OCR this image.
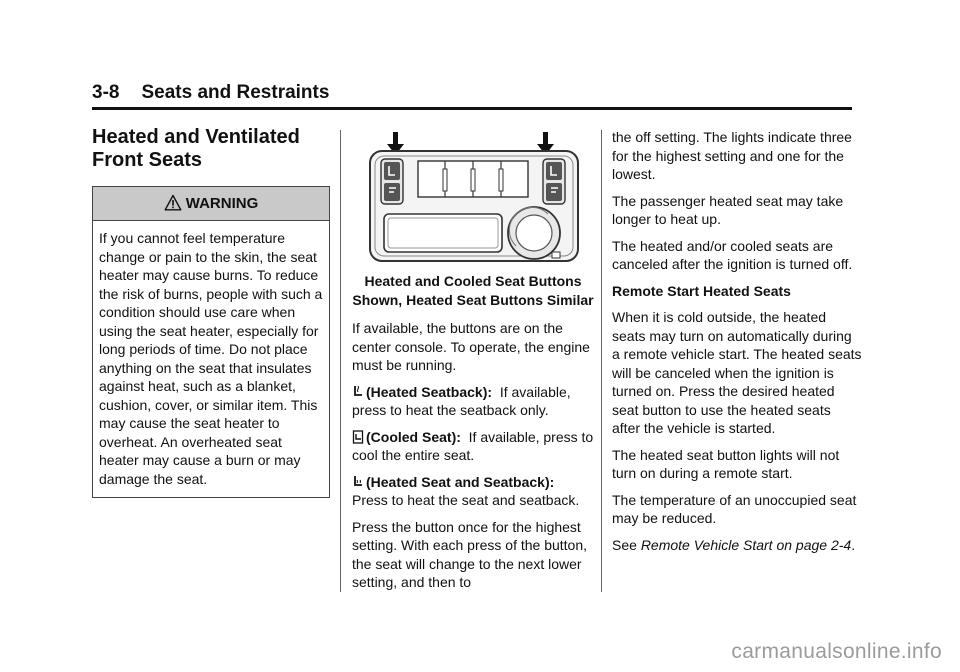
3-8 Seats and Restraints
Heated and Ventilated Front Seats
WARNING
If you cannot feel temperature change or pain to the skin, the seat heater may cause burns. To reduce the risk of burns, people with such a condition should use care when using the seat heater, especially for long periods of time. Do not place anything on the seat that insulates against heat, such as a blanket, cushion, cover, or similar item. This may cause the seat heater to overheat. An overheated seat heater may cause a burn or may damage the seat.
Heated and Cooled Seat Buttons Shown, Heated Seat Buttons Similar

If available, the buttons are on the center console. To operate, the engine must be running.

(Heated Seatback): If available, press to heat the seatback only.

(Cooled Seat): If available, press to cool the entire seat.

(Heated Seat and Seatback):
Press to heat the seat and seatback.

Press the button once for the highest setting. With each press of the button, the seat will change to the next lower setting, and then to

the off setting. The lights indicate three for the highest setting and one for the lowest.

The passenger heated seat may take longer to heat up.

The heated and/or cooled seats are canceled after the ignition is turned off.

Remote Start Heated Seats

When it is cold outside, the heated seats may turn on automatically during a remote vehicle start. The heated seats will be canceled when the ignition is turned on. Press the desired heated seat button to use the heated seats after the vehicle is started.

The heated seat button lights will not turn on during a remote start.

The temperature of an unoccupied seat may be reduced.

See Remote Vehicle Start on page 2-4.

carmanualsonline.info
